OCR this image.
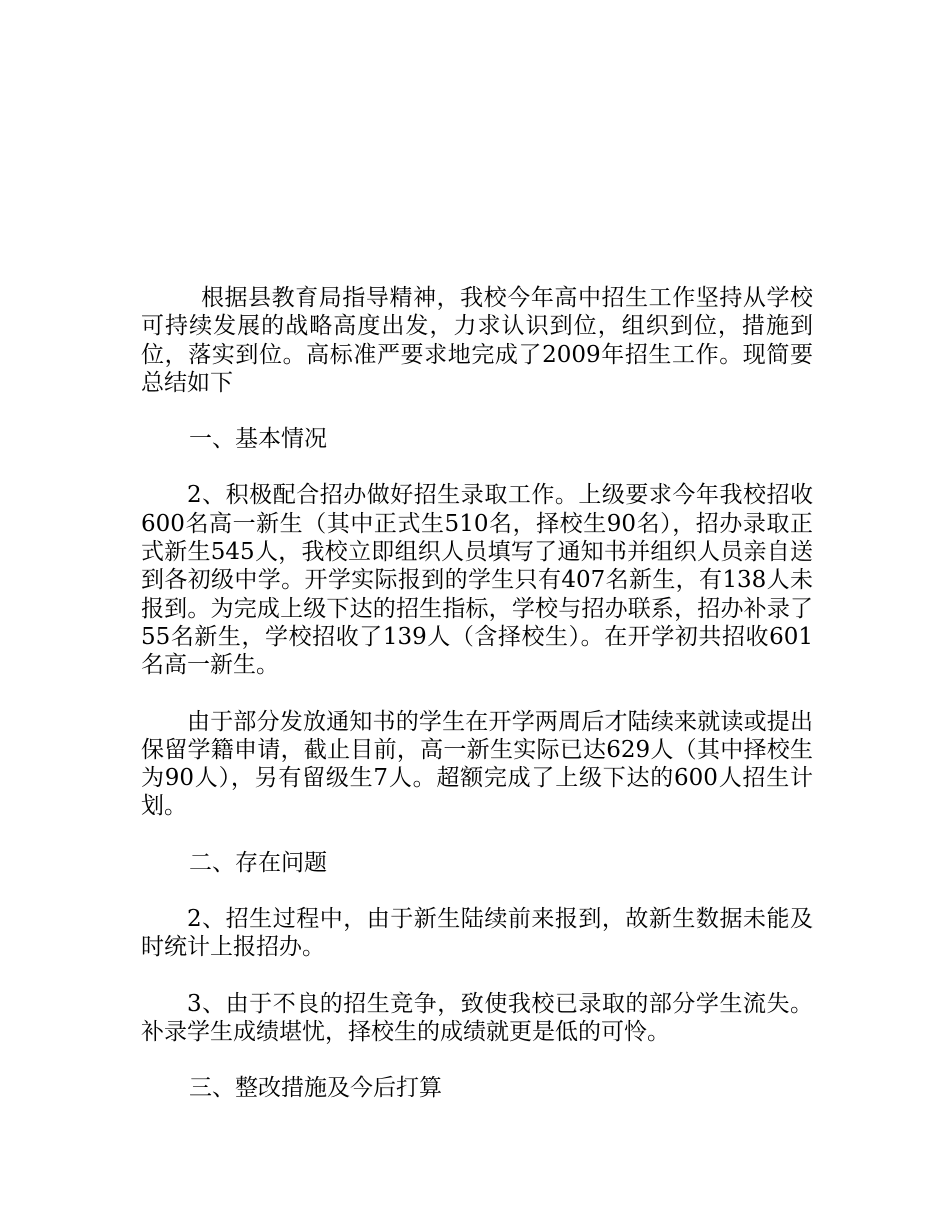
根据县教育局指导精神，我校今年高中招生工作坚持从学校可持续发展的战略高度出发，力求认识到位，组织到位，措施到位，落实到位。高标准严要求地完成了2009年招生工作。现简要总结如下

一、基本情况

2、积极配合招办做好招生录取工作。上级要求今年我校招收600名高一新生（其中正式生510名，择校生90名），招办录取正式新生545人，我校立即组织人员填写了通知书并组织人员亲自送到各初级中学。开学实际报到的学生只有407名新生，有138人未报到。为完成上级下达的招生指标，学校与招办联系，招办补录了55名新生，学校招收了139人（含择校生）。在开学初共招收601名高一新生。

由于部分发放通知书的学生在开学两周后才陆续来就读或提出保留学籍申请，截止目前，高一新生实际已达629人（其中择校生为90人），另有留级生7人。超额完成了上级下达的600人招生计划。

二、存在问题

2、招生过程中，由于新生陆续前来报到，故新生数据未能及时统计上报招办。

3、由于不良的招生竞争，致使我校已录取的部分学生流失。补录学生成绩堪忧，择校生的成绩就更是低的可怜。

三、整改措施及今后打算
